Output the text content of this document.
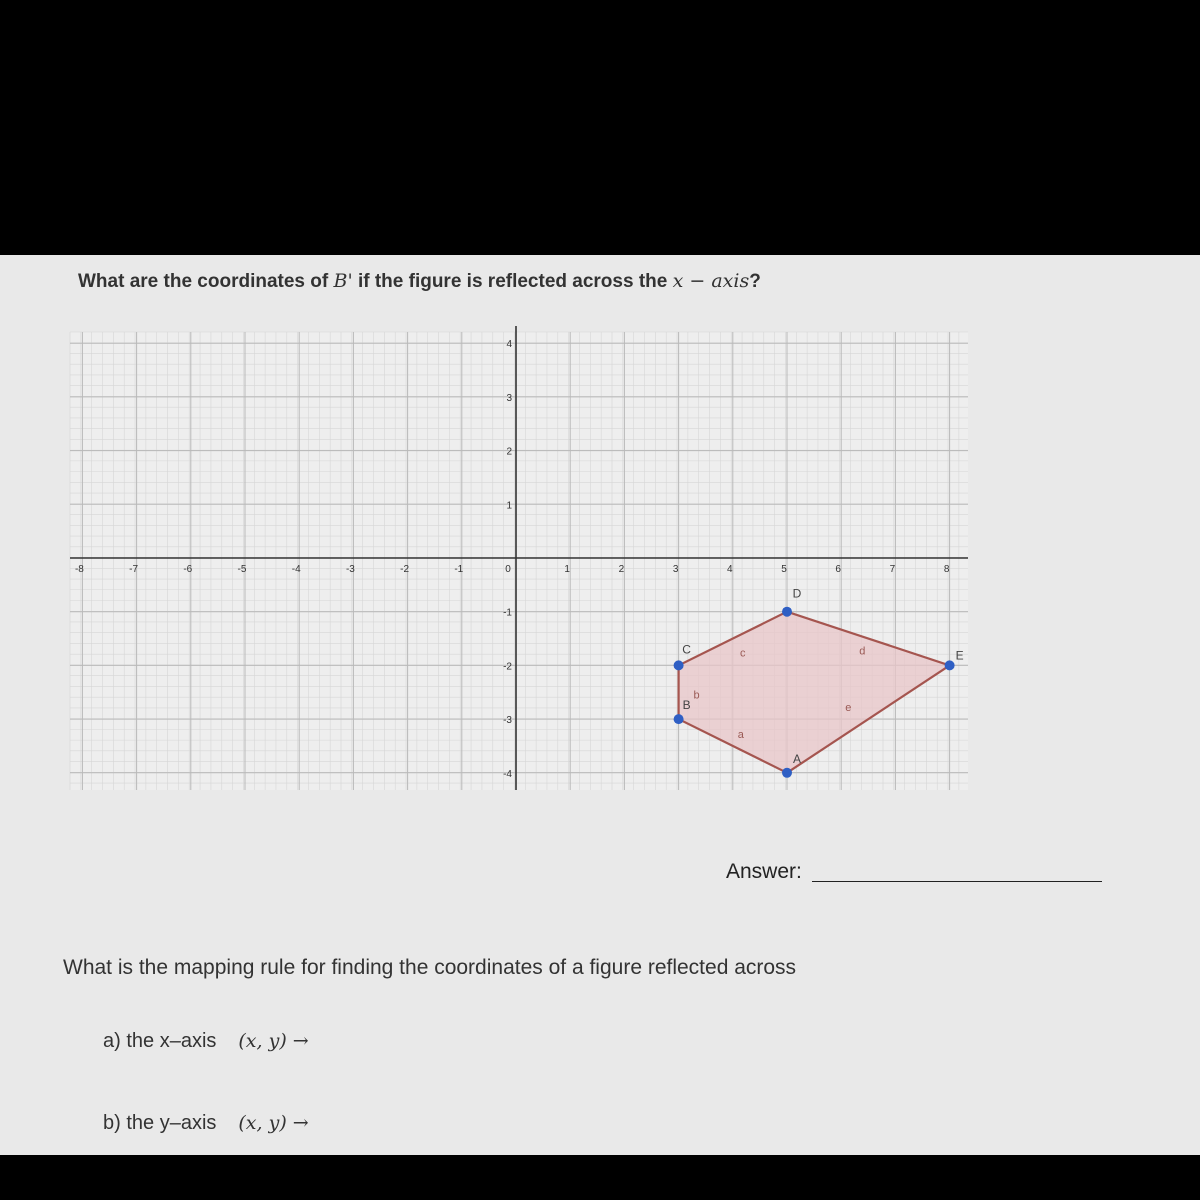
What are the coordinates of B' if the figure is reflected across the x − axis?
-8	-7	-6	-5	-4	-3	-2	-1	0	1	2	3	4	5	6	7	8
4
3
2
1
-1
-2
-3
-4
a
b
c	d
e
A
B
C
D
E
Answer:
What is the mapping rule for finding the coordinates of a figure reflected across
a) the x–axis (x, y) →
b) the y–axis (x, y) →
